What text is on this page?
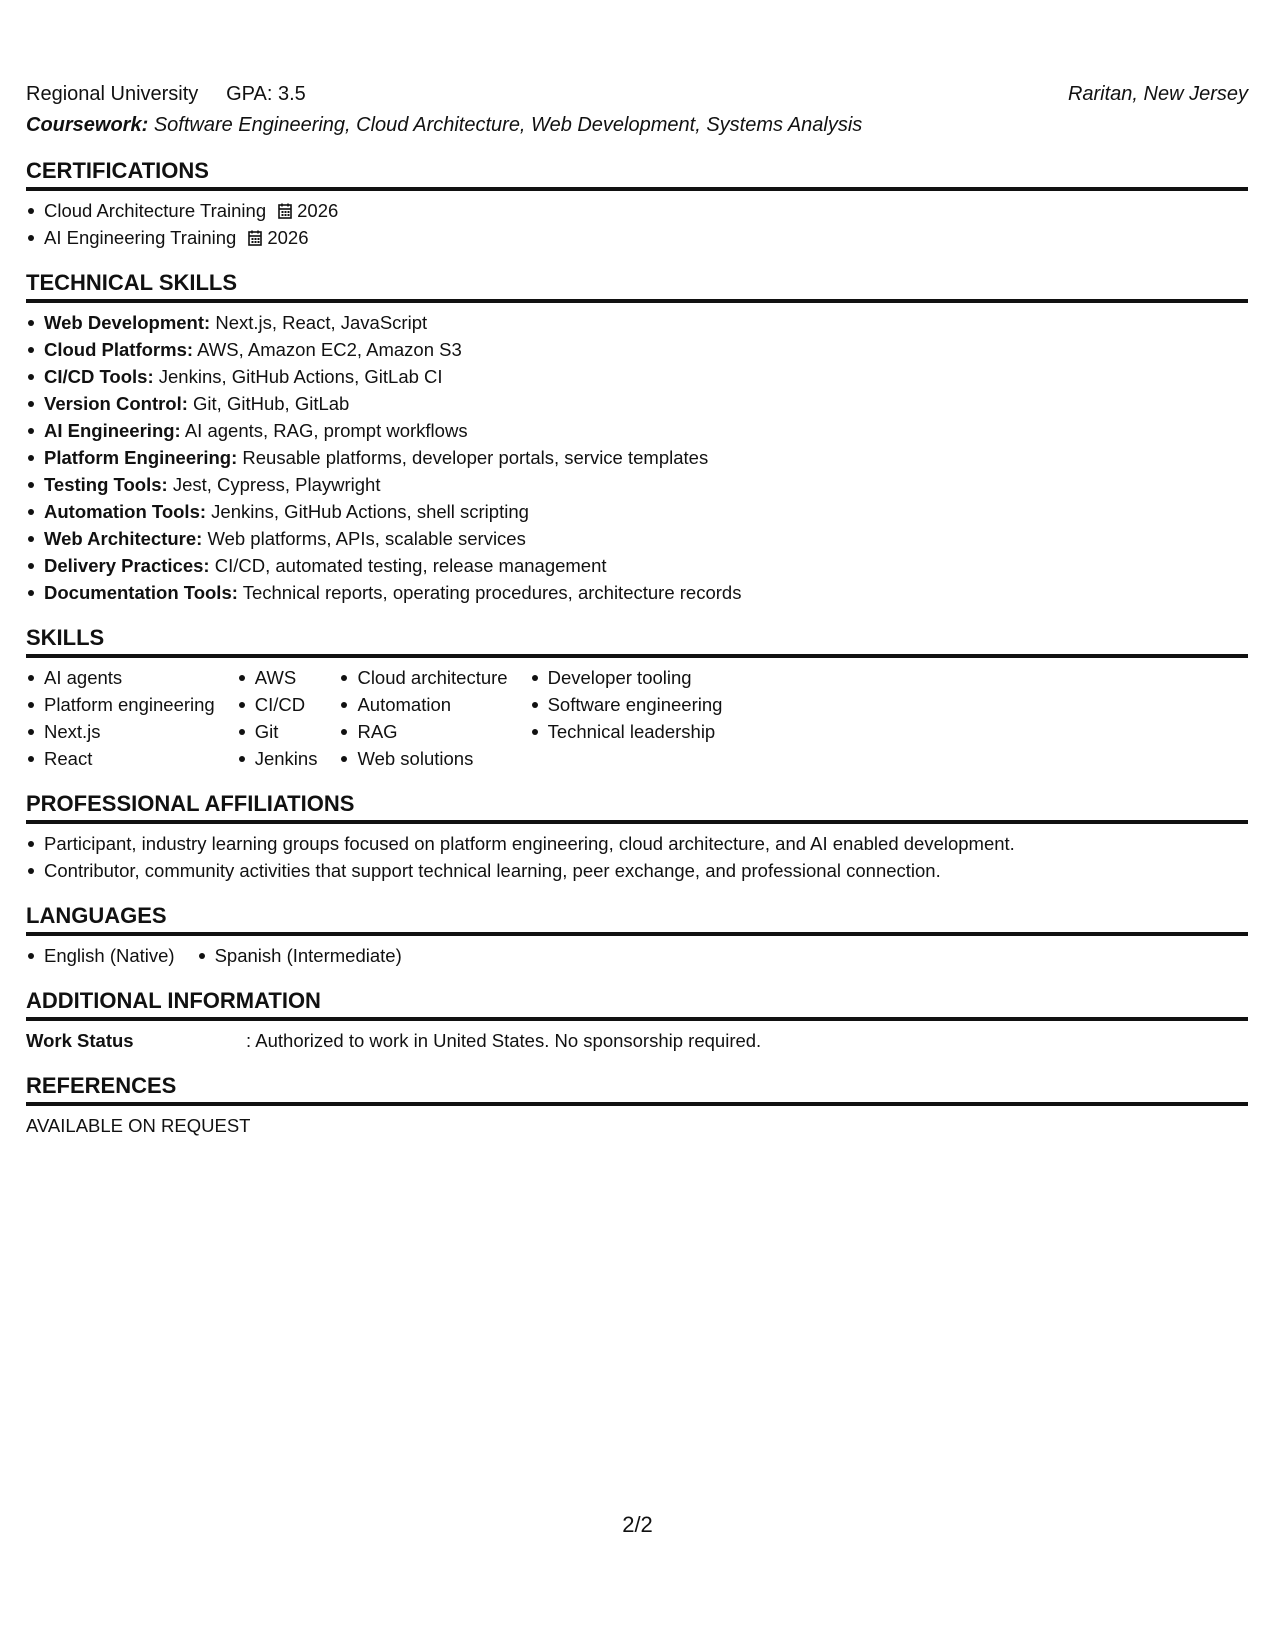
Regional University GPA: 3.5	Raritan, New Jersey
Coursework: Software Engineering, Cloud Architecture, Web Development, Systems Analysis
CERTIFICATIONS
Cloud Architecture Training 2026
AI Engineering Training 2026
TECHNICAL SKILLS
Web Development: Next.js, React, JavaScript
Cloud Platforms: AWS, Amazon EC2, Amazon S3
CI/CD Tools: Jenkins, GitHub Actions, GitLab CI
Version Control: Git, GitHub, GitLab
AI Engineering: AI agents, RAG, prompt workflows
Platform Engineering: Reusable platforms, developer portals, service templates
Testing Tools: Jest, Cypress, Playwright
Automation Tools: Jenkins, GitHub Actions, shell scripting
Web Architecture: Web platforms, APIs, scalable services
Delivery Practices: CI/CD, automated testing, release management
Documentation Tools: Technical reports, operating procedures, architecture records
SKILLS
AI agents
Platform engineering
Next.js
React
AWS
CI/CD
Git
Jenkins
Cloud architecture
Automation
RAG
Web solutions
Developer tooling
Software engineering
Technical leadership
PROFESSIONAL AFFILIATIONS
Participant, industry learning groups focused on platform engineering, cloud architecture, and AI enabled development.
Contributor, community activities that support technical learning, peer exchange, and professional connection.
LANGUAGES
English (Native)	Spanish (Intermediate)
ADDITIONAL INFORMATION
Work Status	: Authorized to work in United States. No sponsorship required.
REFERENCES
AVAILABLE ON REQUEST
2/2
